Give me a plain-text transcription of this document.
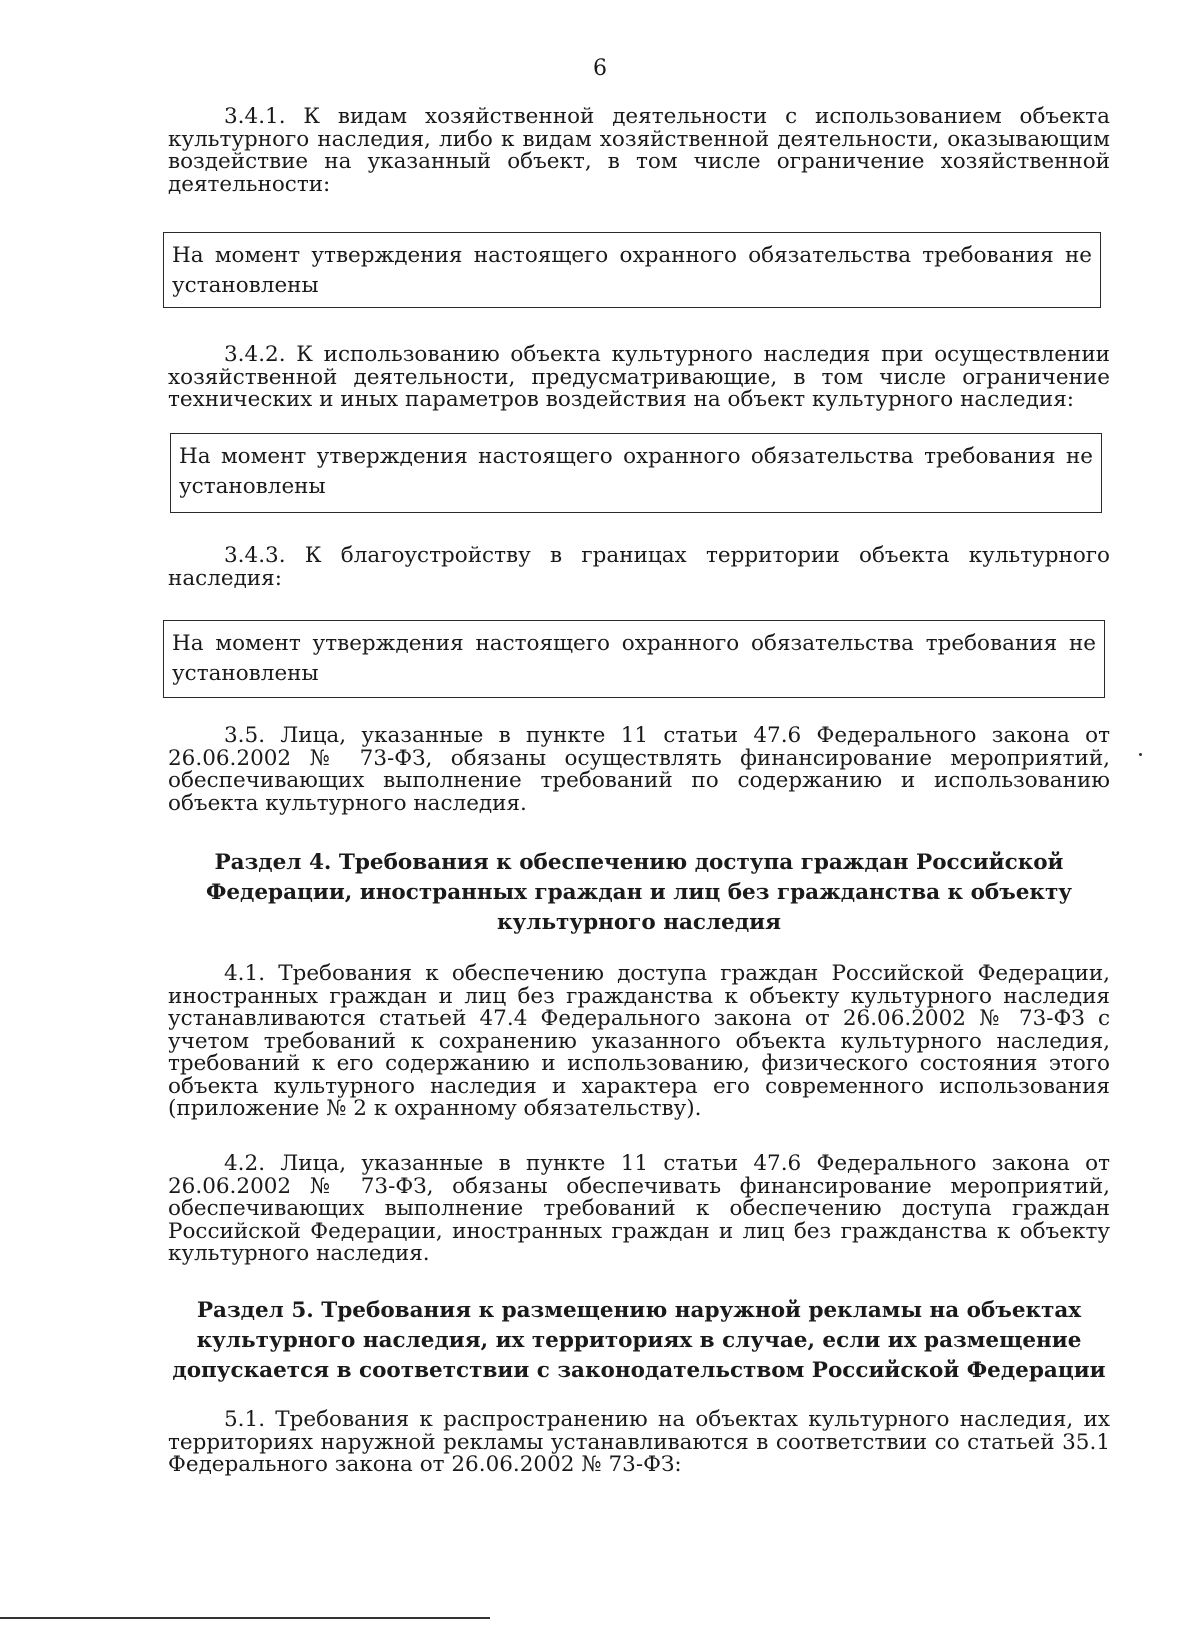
6

3.4.1. К видам хозяйственной деятельности с использованием объекта культурного наследия, либо к видам хозяйственной деятельности, оказывающим воздействие на указанный объект, в том числе ограничение хозяйственной деятельности:

На момент утверждения настоящего охранного обязательства требования не установлены

3.4.2. К использованию объекта культурного наследия при осуществлении хозяйственной деятельности, предусматривающие, в том числе ограничение технических и иных параметров воздействия на объект культурного наследия:

На момент утверждения настоящего охранного обязательства требования не установлены

3.4.3. К благоустройству в границах территории объекта культурного наследия:

На момент утверждения настоящего охранного обязательства требования не установлены

3.5. Лица, указанные в пункте 11 статьи 47.6 Федерального закона от 26.06.2002 № 73-ФЗ, обязаны осуществлять финансирование мероприятий, обеспечивающих выполнение требований по содержанию и использованию объекта культурного наследия.

Раздел 4. Требования к обеспечению доступа граждан Российской
Федерации, иностранных граждан и лиц без гражданства к объекту
культурного наследия

4.1. Требования к обеспечению доступа граждан Российской Федерации, иностранных граждан и лиц без гражданства к объекту культурного наследия устанавливаются статьей 47.4 Федерального закона от 26.06.2002 № 73-ФЗ с учетом требований к сохранению указанного объекта культурного наследия, требований к его содержанию и использованию, физического состояния этого объекта культурного наследия и характера его современного использования (приложение № 2 к охранному обязательству).

4.2. Лица, указанные в пункте 11 статьи 47.6 Федерального закона от 26.06.2002 № 73-ФЗ, обязаны обеспечивать финансирование мероприятий, обеспечивающих выполнение требований к обеспечению доступа граждан Российской Федерации, иностранных граждан и лиц без гражданства к объекту культурного наследия.

Раздел 5. Требования к размещению наружной рекламы на объектах
культурного наследия, их территориях в случае, если их размещение
допускается в соответствии с законодательством Российской Федерации

5.1. Требования к распространению на объектах культурного наследия, их территориях наружной рекламы устанавливаются в соответствии со статьей 35.1 Федерального закона от 26.06.2002 № 73-ФЗ:
